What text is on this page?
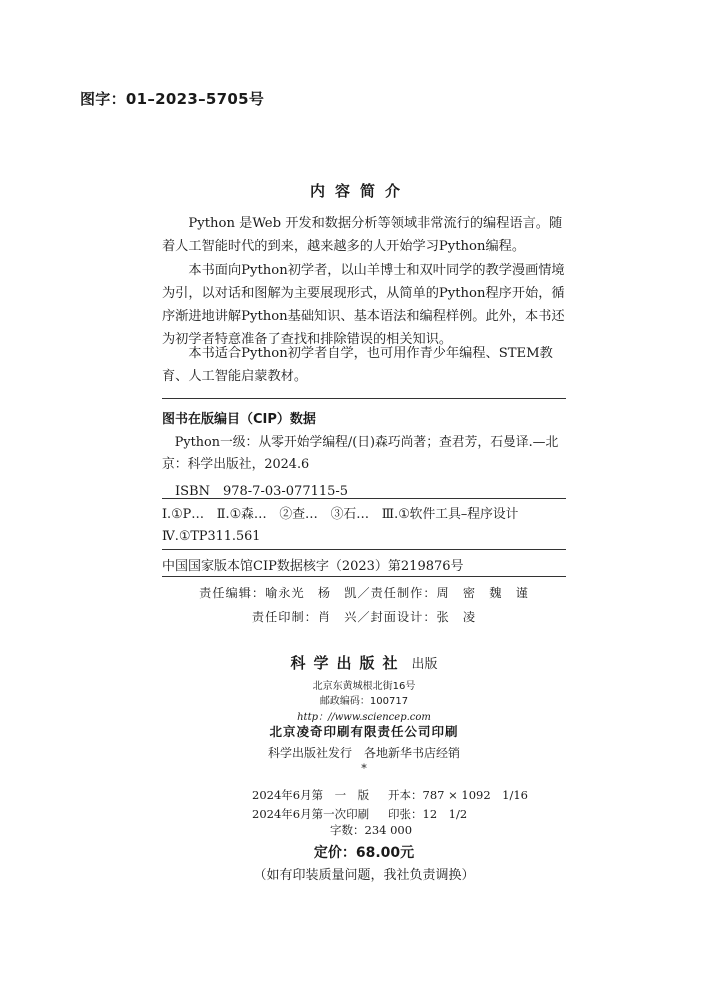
图字：01–2023–5705号
内容简介
Python 是Web 开发和数据分析等领域非常流行的编程语言。随着人工智能时代的到来，越来越多的人开始学习Python编程。
本书面向Python初学者，以山羊博士和双叶同学的教学漫画情境为引，以对话和图解为主要展现形式，从简单的Python程序开始，循序渐进地讲解Python基础知识、基本语法和编程样例。此外，本书还为初学者特意准备了查找和排除错误的相关知识。
本书适合Python初学者自学，也可用作青少年编程、STEM教育、人工智能启蒙教材。
图书在版编目（CIP）数据
Python一级：从零开始学编程/(日)森巧尚著；查君芳，石曼译.—北京：科学出版社，2024.6
ISBN　978-7-03-077115-5
Ⅰ.①P…　Ⅱ.①森…　②查…　③石…　Ⅲ.①软件工具–程序设计　Ⅳ.①TP311.561
中国国家版本馆CIP数据核字（2023）第219876号
责任编辑：喻永光　杨　凯／责任制作：周　密　魏　谨
责任印制：肖　兴／封面设计：张　凌
科学出版社 出版
北京东黄城根北街16号
邮政编码：100717
http：//www.sciencep.com
北京凌奇印刷有限责任公司印刷
科学出版社发行　各地新华书店经销
*
2024年6月第　一　版 开本：787 × 1092　1/16
2024年6月第一次印刷 印张：12　1/2
字数：234 000
定价：68.00元
（如有印装质量问题，我社负责调换）
